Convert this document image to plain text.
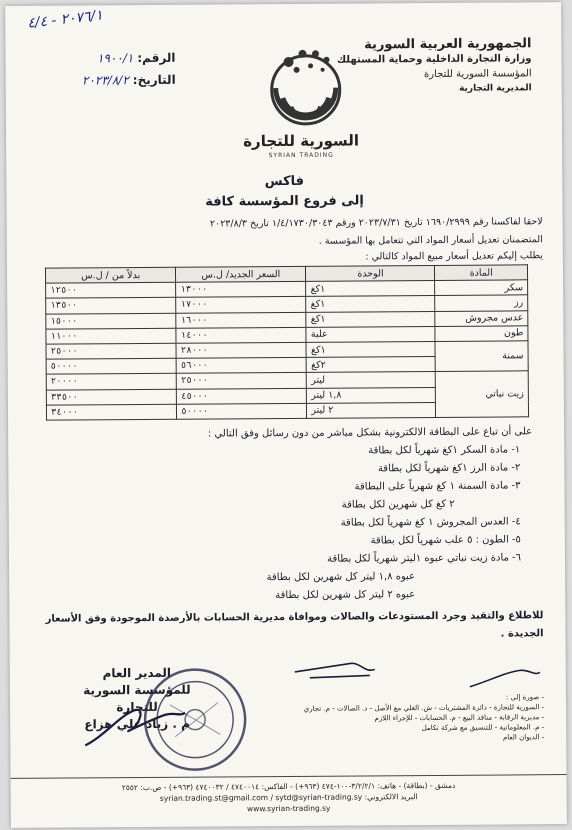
٢٠٧٦/١ - ٤/٤
الجمهورية العربية السورية
وزارة التجارة الداخلية وحماية المستهلك
المؤسسة السورية للتجارة
المديرية التجارية
الرقم:
١٩٠٠/١
التاريخ:
٢٠٢٣/٨/٢
السورية للتجارة
SYRIAN TRADING
فاكس
إلى فروع المؤسسة كافة
لاحقا لفاكسنا رقم ١٦٩٠/٢٩٩٩ تاريخ ٢٠٢٣/٧/٣١ ورقم ١/٤/١٧٣٠/٣٠٤٣ تاريخ ٢٠٢٣/٨/٣
المتضمنان تعديل أسعار المواد التي تتعامل بها المؤسسة .
يطلب إليكم تعديل أسعار مبيع المواد كالتالي :
المادة	الوحدة	السعر الجديد/ ل.س	بدلاً من / ل.س
سكر	١كغ	١٣٠٠٠	١٢٥٠٠
رز	١كغ	١٧٠٠٠	١٣٥٠٠
عدس مجروش	١كغ	١٦٠٠٠	١٥٠٠٠
طون	علبة	١٤٠٠٠	١١٠٠٠
سمنة	١كغ	٢٨٠٠٠	٢٥٠٠٠
	٢كغ	٥٦٠٠٠	٥٠٠٠٠
زيت نباتي	ليتر	٢٥٠٠٠	٢٠٠٠٠
	١,٨ ليتر	٤٥٠٠٠	٣٣٥٠٠
	٢ ليتر	٥٠٠٠٠	٣٤٠٠٠
على أن تباع على البطاقة الالكترونية بشكل مباشر من دون رسائل وفق التالي :
١- مادة السكر ١كغ شهرياً لكل بطاقة
٢- مادة الرز ١كغ شهرياً لكل بطاقة
٣- مادة السمنة ١ كغ شهرياً على البطاقة
٢ كغ كل شهرين لكل بطاقة
٤- العدس المجروش ١ كغ شهرياً لكل بطاقة
٥- الطون : ٥ علب شهرياً لكل بطاقة
٦- مادة زيت نباتي عبوه ١ليتر شهرياً لكل بطاقة
عبوه ١,٨ ليتر كل شهرين لكل بطاقة
عبوه ٢ ليتر كل شهرين لكل بطاقة
للاطلاع والتقيد وجرد المستودعات والصالات وموافاة مديرية الحسابات بالأرصدة الموجودة وفق الأسعار
الجديدة .
المدير العام
للمؤسسة السورية للتجارة
م . زياد علي هزاع
- صورة إلى :
- السورية للتجارة - دائرة المشتريات - ش. الغلي مع الأصل - د. الصالات - م. تجاري
- مديرية الرقابة - منافذ البيع - م. الحسابات - للإجراء اللازم
- م. المعلوماتية - للتنسيق مع شركة تكامل
- الديوان العام
دمشق - (بطاقة) - هاتف: ٣/٢/٢/١-١٠٠-٤٧٤ (٩٦٣+) - الفاكس: ٤٧٤٠٠١٤ / ٤٧٤٠٠٣٢ (٩٦٣+) - ص.ب: ٢٥٥٢
البريد الالكتروني: syrian.trading.st@gmail.com / sytd@syrian-trading.sy
www.syrian-trading.sy
